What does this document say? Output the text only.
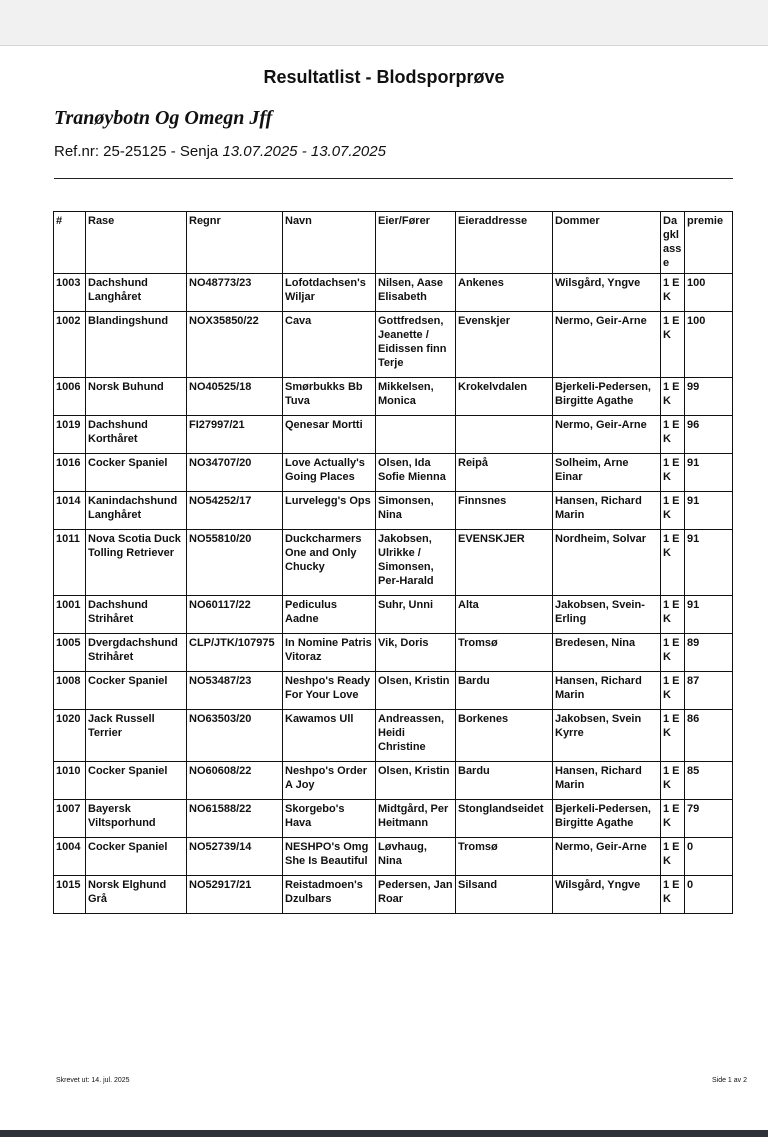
Resultatlist - Blodsporprøve
Tranøybotn Og Omegn Jff
Ref.nr: 25-25125 - Senja 13.07.2025 - 13.07.2025
#	Rase	Regnr	Navn	Eier/Fører	Eieraddresse	Dommer	Dagklasse	premie
1003	Dachshund Langhåret	NO48773/23	Lofotdachsen's Wiljar	Nilsen, Aase Elisabeth	Ankenes	Wilsgård, Yngve	1 EK	100
1002	Blandingshund	NOX35850/22	Cava	Gottfredsen, Jeanette / Eidissen finn Terje	Evenskjer	Nermo, Geir-Arne	1 EK	100
1006	Norsk Buhund	NO40525/18	Smørbukks Bb Tuva	Mikkelsen, Monica	Krokelvdalen	Bjerkeli-Pedersen, Birgitte Agathe	1 EK	99
1019	Dachshund Korthåret	FI27997/21	Qenesar Mortti			Nermo, Geir-Arne	1 EK	96
1016	Cocker Spaniel	NO34707/20	Love Actually's Going Places	Olsen, Ida Sofie Mienna	Reipå	Solheim, Arne Einar	1 EK	91
1014	Kanindachshund Langhåret	NO54252/17	Lurvelegg's Ops	Simonsen, Nina	Finnsnes	Hansen, Richard Marin	1 EK	91
1011	Nova Scotia Duck Tolling Retriever	NO55810/20	Duckcharmers One and Only Chucky	Jakobsen, Ulrikke / Simonsen, Per-Harald	EVENSKJER	Nordheim, Solvar	1 EK	91
1001	Dachshund Strihåret	NO60117/22	Pediculus Aadne	Suhr, Unni	Alta	Jakobsen, Svein-Erling	1 EK	91
1005	Dvergdachshund Strihåret	CLP/JTK/107975	In Nomine Patris Vitoraz	Vik, Doris	Tromsø	Bredesen, Nina	1 EK	89
1008	Cocker Spaniel	NO53487/23	Neshpo's Ready For Your Love	Olsen, Kristin	Bardu	Hansen, Richard Marin	1 EK	87
1020	Jack Russell Terrier	NO63503/20	Kawamos Ull	Andreassen, Heidi Christine	Borkenes	Jakobsen, Svein Kyrre	1 EK	86
1010	Cocker Spaniel	NO60608/22	Neshpo's Order A Joy	Olsen, Kristin	Bardu	Hansen, Richard Marin	1 EK	85
1007	Bayersk Viltsporhund	NO61588/22	Skorgebo's Hava	Midtgård, Per Heitmann	Stonglandseidet	Bjerkeli-Pedersen, Birgitte Agathe	1 EK	79
1004	Cocker Spaniel	NO52739/14	NESHPO's Omg She Is Beautiful	Løvhaug, Nina	Tromsø	Nermo, Geir-Arne	1 EK	0
1015	Norsk Elghund Grå	NO52917/21	Reistadmoen's Dzulbars	Pedersen, Jan Roar	Silsand	Wilsgård, Yngve	1 EK	0
Skrevet ut: 14. jul. 2025	Side 1 av 2
